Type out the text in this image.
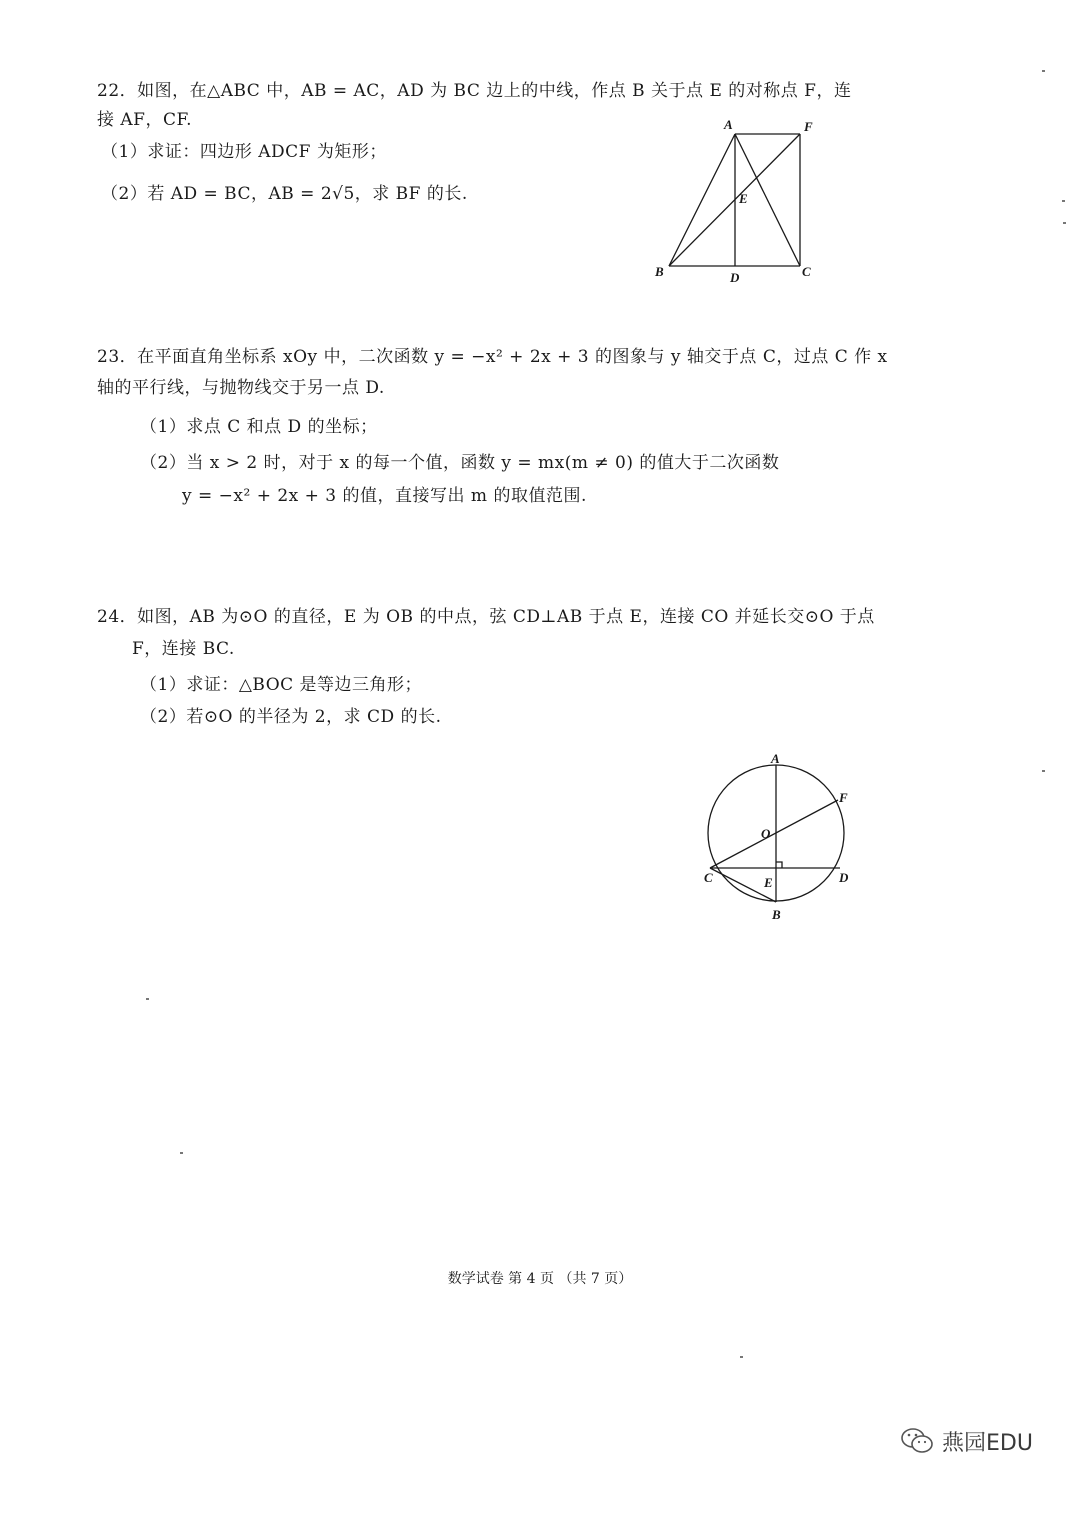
22．如图，在△ABC 中，AB = AC，AD 为 BC 边上的中线，作点 B 关于点 E 的对称点 F，连
接 AF，CF.
（1）求证：四边形 ADCF 为矩形；
（2）若 AD = BC，AB = 2√5，求 BF 的长.
A	F
E
B	D	C
23．在平面直角坐标系 xOy 中，二次函数 y = −x² + 2x + 3 的图象与 y 轴交于点 C，过点 C 作 x
轴的平行线，与抛物线交于另一点 D.
（1）求点 C 和点 D 的坐标；
（2）当 x > 2 时，对于 x 的每一个值，函数 y = mx(m ≠ 0) 的值大于二次函数
y = −x² + 2x + 3 的值，直接写出 m 的取值范围.
24．如图，AB 为⊙O 的直径，E 为 OB 的中点，弦 CD⊥AB 于点 E，连接 CO 并延长交⊙O 于点
F，连接 BC.
（1）求证：△BOC 是等边三角形；
（2）若⊙O 的半径为 2，求 CD 的长.
A
F
O
C	E	D
B
数学试卷 第 4 页 （共 7 页）
燕园EDU
